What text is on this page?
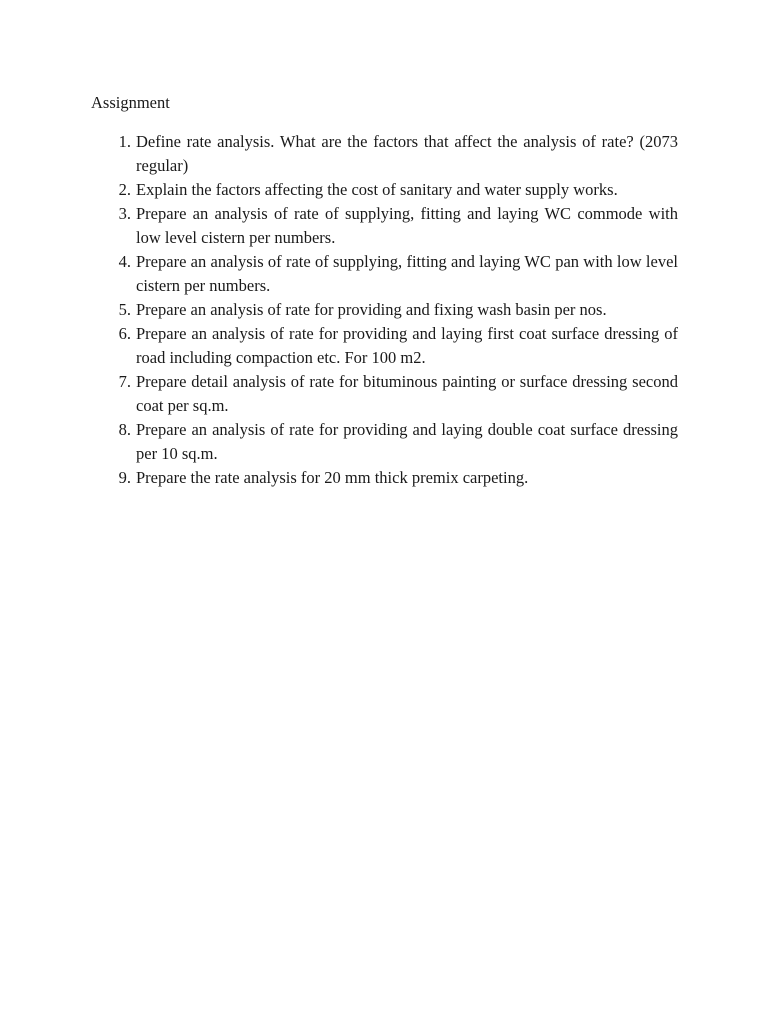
Assignment
1. Define rate analysis. What are the factors that affect the analysis of rate? (2073 regular)
2. Explain the factors affecting the cost of sanitary and water supply works.
3. Prepare an analysis of rate of supplying, fitting and laying WC commode with low level cistern per numbers.
4. Prepare an analysis of rate of supplying, fitting and laying WC pan with low level cistern per numbers.
5. Prepare an analysis of rate for providing and fixing wash basin per nos.
6. Prepare an analysis of rate for providing and laying first coat surface dressing of road including compaction etc. For 100 m2.
7. Prepare detail analysis of rate for bituminous painting or surface dressing second coat per sq.m.
8. Prepare an analysis of rate for providing and laying double coat surface dressing per 10 sq.m.
9. Prepare the rate analysis for 20 mm thick premix carpeting.
